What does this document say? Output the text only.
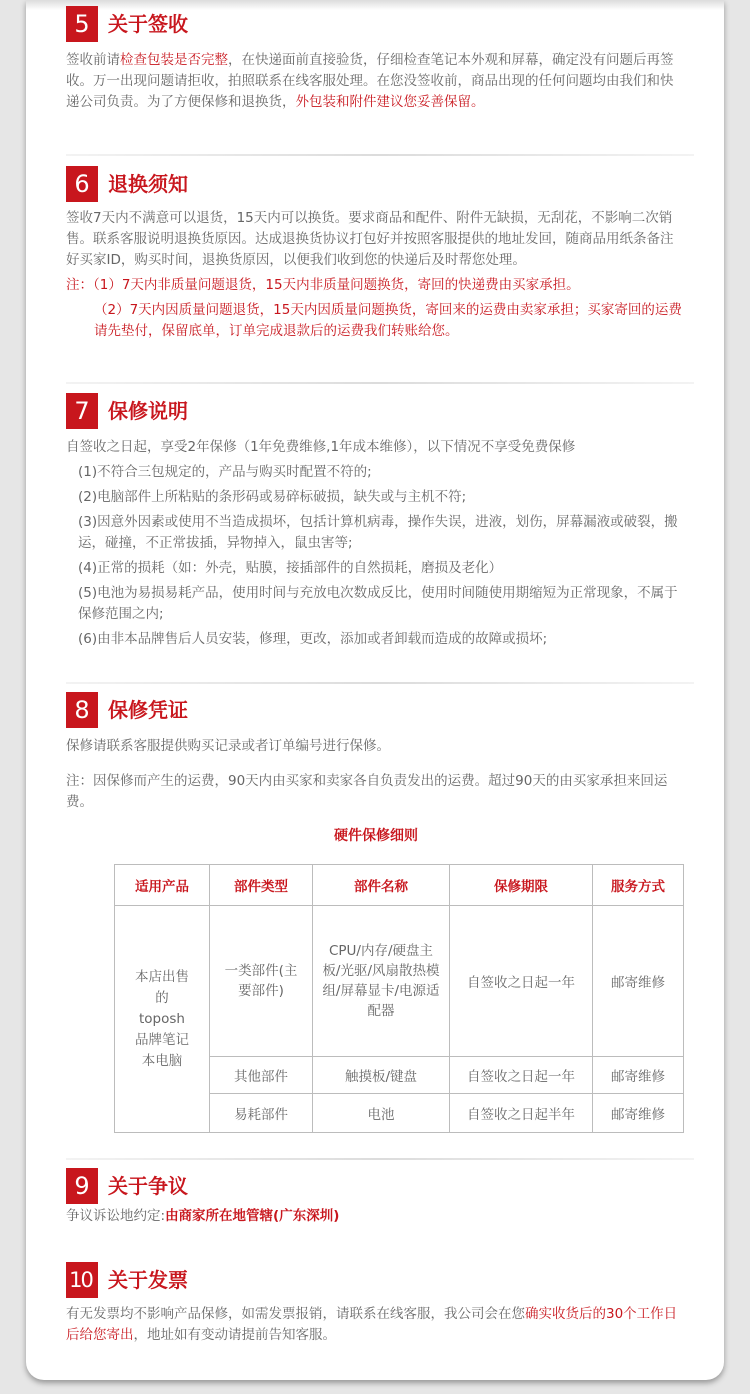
5 关于签收

签收前请检查包装是否完整，在快递面前直接验货，仔细检查笔记本外观和屏幕，确定没有问题后再签收。万一出现问题请拒收，拍照联系在线客服处理。在您没签收前，商品出现的任何问题均由我们和快递公司负责。为了方便保修和退换货，外包装和附件建议您妥善保留。

6 退换须知

签收7天内不满意可以退货，15天内可以换货。要求商品和配件、附件无缺损，无刮花，不影响二次销售。联系客服说明退换货原因。达成退换货协议打包好并按照客服提供的地址发回，随商品用纸条备注好买家ID，购买时间，退换货原因，以便我们收到您的快递后及时帮您处理。

注：（1）7天内非质量问题退货，15天内非质量问题换货，寄回的快递费由买家承担。

（2）7天内因质量问题退货，15天内因质量问题换货，寄回来的运费由卖家承担；买家寄回的运费请先垫付，保留底单，订单完成退款后的运费我们转账给您。

7 保修说明

自签收之日起，享受2年保修（1年免费维修,1年成本维修），以下情况不享受免费保修

(1)不符合三包规定的，产品与购买时配置不符的;

(2)电脑部件上所粘贴的条形码或易碎标破损，缺失或与主机不符;

(3)因意外因素或使用不当造成损坏，包括计算机病毒，操作失误，进液，划伤，屏幕漏液或破裂，搬运，碰撞，不正常拔插，异物掉入，鼠虫害等;

(4)正常的损耗（如：外壳，贴膜，接插部件的自然损耗，磨损及老化）

(5)电池为易损易耗产品，使用时间与充放电次数成反比，使用时间随使用期缩短为正常现象，不属于保修范围之内;

(6)由非本品牌售后人员安装，修理，更改，添加或者卸载而造成的故障或损坏;

8 保修凭证

保修请联系客服提供购买记录或者订单编号进行保修。

注：因保修而产生的运费，90天内由买家和卖家各自负责发出的运费。超过90天的由买家承担来回运费。

硬件保修细则
适用产品	部件类型	部件名称	保修期限	服务方式
本店出售的toposh品牌笔记本电脑	一类部件(主要部件)	CPU/内存/硬盘主板/光驱/风扇散热模组/屏幕显卡/电源适配器	自签收之日起一年	邮寄维修
	其他部件	触摸板/键盘	自签收之日起一年	邮寄维修
	易耗部件	电池	自签收之日起半年	邮寄维修
9 关于争议

争议诉讼地约定:由商家所在地管辖(广东深圳)

10 关于发票

有无发票均不影响产品保修，如需发票报销，请联系在线客服，我公司会在您确实收货后的30个工作日后给您寄出，地址如有变动请提前告知客服。
